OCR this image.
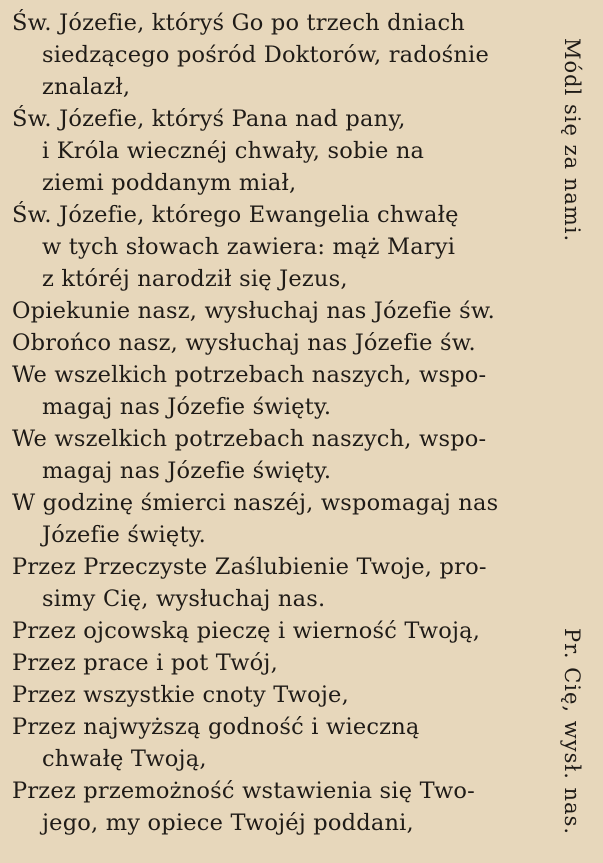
Św. Józefie, któryś Go po trzech dniach
siedzącego pośród Doktorów, radośnie
znalazł,
Św. Józefie, któryś Pana nad pany,
i Króla wiecznéj chwały, sobie na
ziemi poddanym miał,
Św. Józefie, którego Ewangelia chwałę
w tych słowach zawiera: mąż Maryi
z któréj narodził się Jezus,
Opiekunie nasz, wysłuchaj nas Józefie św.
Obrońco nasz, wysłuchaj nas Józefie św.
We wszelkich potrzebach naszych, wspo-
magaj nas Józefie święty.
We wszelkich potrzebach naszych, wspo-
magaj nas Józefie święty.
W godzinę śmierci naszéj, wspomagaj nas
Józefie święty.
Przez Przeczyste Zaślubienie Twoje, pro-
simy Cię, wysłuchaj nas.
Przez ojcowską pieczę i wierność Twoją,
Przez prace i pot Twój,
Przez wszystkie cnoty Twoje,
Przez najwyższą godność i wieczną
chwałę Twoją,
Przez przemożność wstawienia się Two-
jego, my opiece Twojéj poddani,
Módl się za nami.
Pr. Cię, wysł. nas.
